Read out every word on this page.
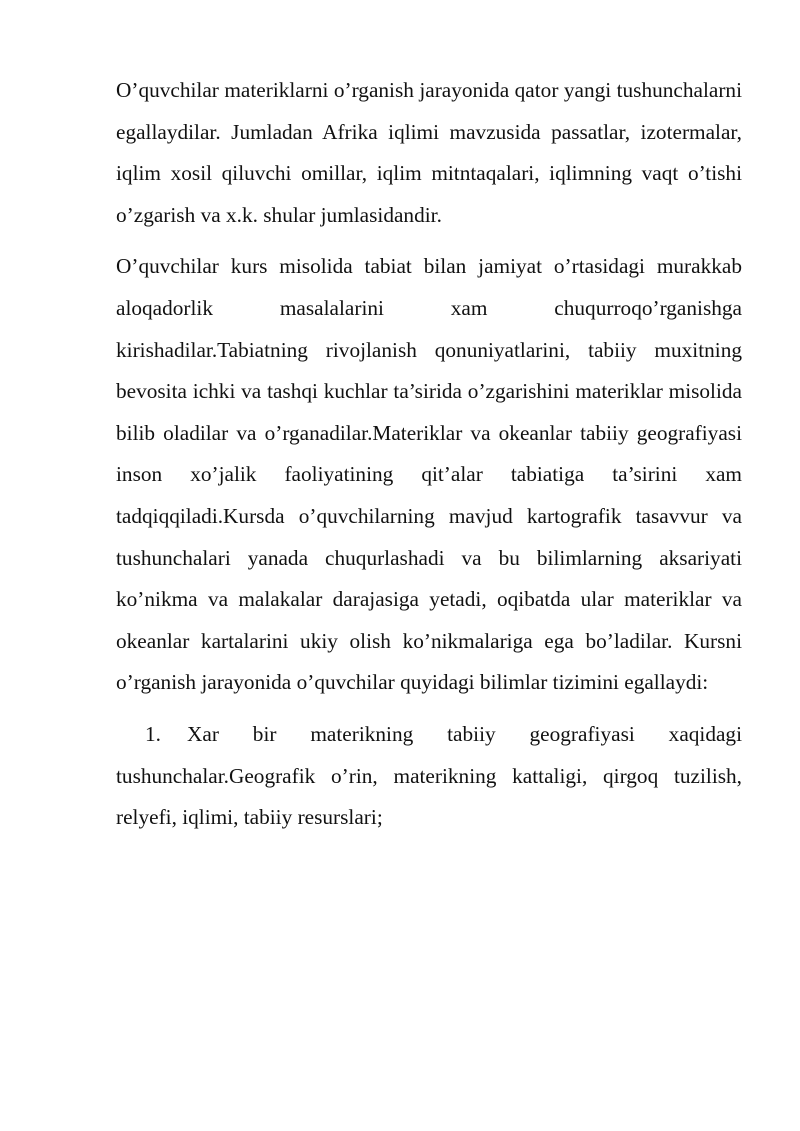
O’quvchilar materiklarni o’rganish jarayonida qator yangi tushunchalarni egallaydilar. Jumladan Afrika iqlimi mavzusida passatlar, izotermalar, iqlim xosil qiluvchi omillar, iqlim mitntaqalari, iqlimning vaqt o’tishi o’zgarish va x.k. shular jumlasidandir.

O’quvchilar kurs misolida tabiat bilan jamiyat o’rtasidagi murakkab aloqadorlik masalalarini xam chuqurroqo’rganishga kirishadilar.Tabiatning rivojlanish qonuniyatlarini, tabiiy muxitning bevosita ichki va tashqi kuchlar ta’sirida o’zgarishini materiklar misolida bilib oladilar va o’rganadilar.Materiklar va okeanlar tabiiy geografiyasi inson xo’jalik faoliyatining qit’alar tabiatiga ta’sirini xam tadqiqqiladi.Kursda o’quvchilarning mavjud kartografik tasavvur va tushunchalari yanada chuqurlashadi va bu bilimlarning aksariyati ko’nikma va malakalar darajasiga yetadi, oqibatda ular materiklar va okeanlar kartalarini ukiy olish ko’nikmalariga ega bo’ladilar. Kursni o’rganish jarayonida o’quvchilar quyidagi bilimlar tizimini egallaydi:

1. Xar bir materikning tabiiy geografiyasi xaqidagi tushunchalar.Geografik o’rin, materikning kattaligi, qirgoq tuzilish, relyefi, iqlimi, tabiiy resurslari;
